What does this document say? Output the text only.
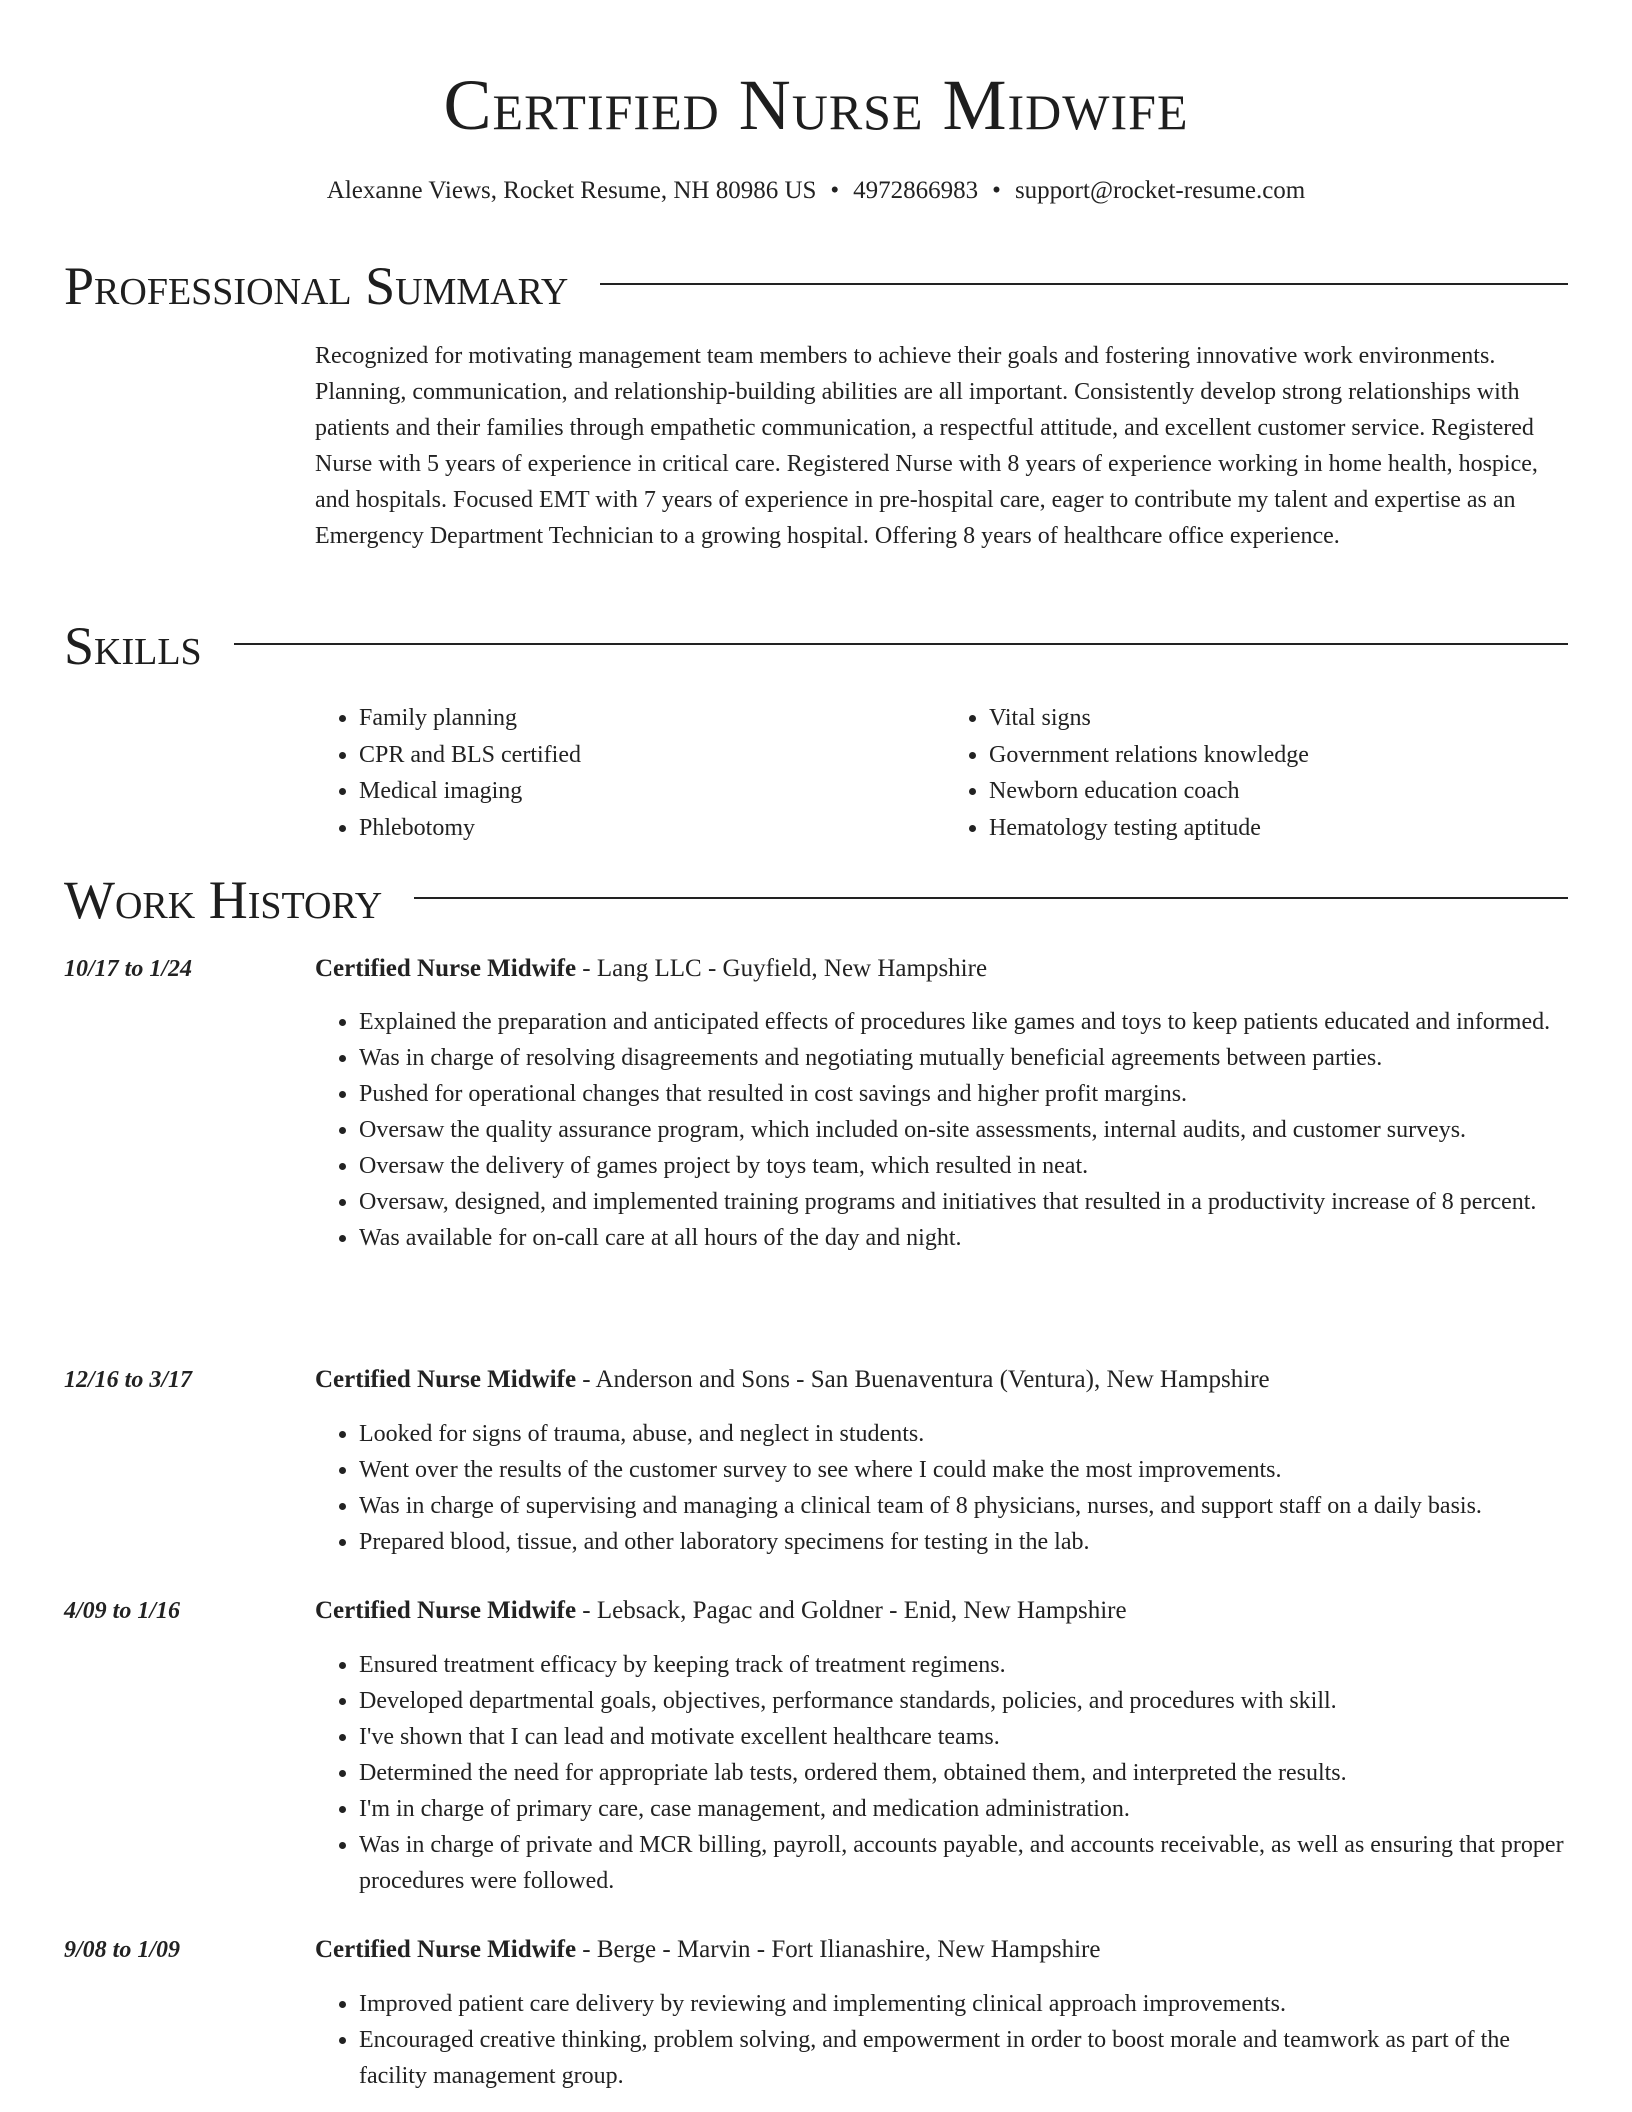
Certified Nurse Midwife
Alexanne Views, Rocket Resume, NH 80986 US • 4972866983 • support@rocket-resume.com
Professional Summary

Recognized for motivating management team members to achieve their goals and fostering innovative work environments. Planning, communication, and relationship-building abilities are all important. Consistently develop strong relationships with patients and their families through empathetic communication, a respectful attitude, and excellent customer service. Registered Nurse with 5 years of experience in critical care. Registered Nurse with 8 years of experience working in home health, hospice, and hospitals. Focused EMT with 7 years of experience in pre-hospital care, eager to contribute my talent and expertise as an Emergency Department Technician to a growing hospital. Offering 8 years of healthcare office experience.

Skills
• Family planning
• CPR and BLS certified
• Medical imaging
• Phlebotomy
• Vital signs
• Government relations knowledge
• Newborn education coach
• Hematology testing aptitude
Work History
10/17 to 1/24	Certified Nurse Midwife - Lang LLC - Guyfield, New Hampshire
• Explained the preparation and anticipated effects of procedures like games and toys to keep patients educated and informed.
• Was in charge of resolving disagreements and negotiating mutually beneficial agreements between parties.
• Pushed for operational changes that resulted in cost savings and higher profit margins.
• Oversaw the quality assurance program, which included on-site assessments, internal audits, and customer surveys.
• Oversaw the delivery of games project by toys team, which resulted in neat.
• Oversaw, designed, and implemented training programs and initiatives that resulted in a productivity increase of 8 percent.
• Was available for on-call care at all hours of the day and night.
12/16 to 3/17	Certified Nurse Midwife - Anderson and Sons - San Buenaventura (Ventura), New Hampshire
• Looked for signs of trauma, abuse, and neglect in students.
• Went over the results of the customer survey to see where I could make the most improvements.
• Was in charge of supervising and managing a clinical team of 8 physicians, nurses, and support staff on a daily basis.
• Prepared blood, tissue, and other laboratory specimens for testing in the lab.
4/09 to 1/16	Certified Nurse Midwife - Lebsack, Pagac and Goldner - Enid, New Hampshire
• Ensured treatment efficacy by keeping track of treatment regimens.
• Developed departmental goals, objectives, performance standards, policies, and procedures with skill.
• I've shown that I can lead and motivate excellent healthcare teams.
• Determined the need for appropriate lab tests, ordered them, obtained them, and interpreted the results.
• I'm in charge of primary care, case management, and medication administration.
• Was in charge of private and MCR billing, payroll, accounts payable, and accounts receivable, as well as ensuring that proper procedures were followed.
9/08 to 1/09	Certified Nurse Midwife - Berge - Marvin - Fort Ilianashire, New Hampshire
• Improved patient care delivery by reviewing and implementing clinical approach improvements.
• Encouraged creative thinking, problem solving, and empowerment in order to boost morale and teamwork as part of the facility management group.
